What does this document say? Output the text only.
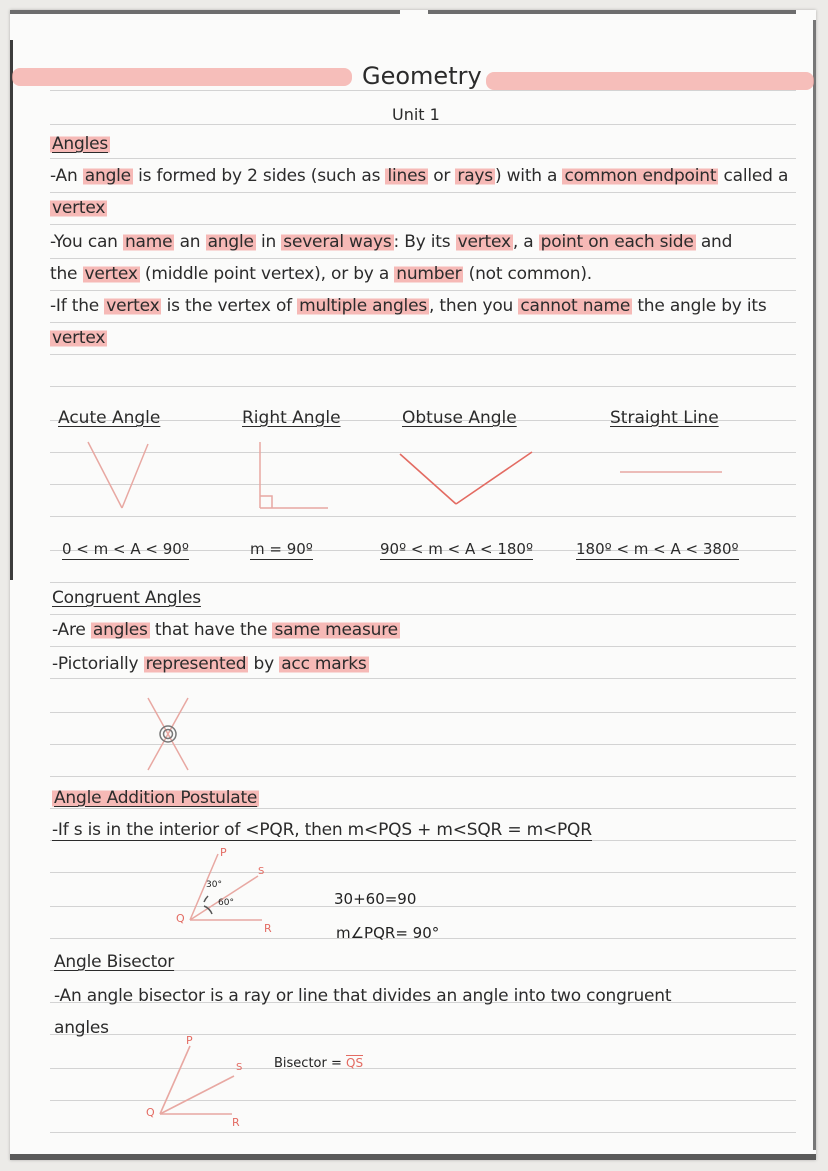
Geometry
Unit 1
Angles
-An angle is formed by 2 sides (such as lines or rays ) with a common endpoint called a
vertex
-You can name an angle in several ways : By its vertex , a point on each side and
the vertex (middle point vertex), or by a number (not common).
-If the vertex is the vertex of multiple angles , then you cannot name the angle by its
vertex
Acute Angle	Right Angle	Obtuse Angle	Straight Line
0 < m < A < 90º	m = 90º	90º < m < A < 180º	180º < m < A < 380º
Congruent Angles
-Are angles that have the same measure
-Pictorially represented by acc marks
Angle Addition Postulate
-If s is in the interior of <PQR, then m<PQS + m<SQR = m<PQR
P
S
Q
R
30°
60°	30+60=90
m∠PQR= 90°
Angle Bisector
-An angle bisector is a ray or line that divides an angle into two congruent
angles
P
S
Q
R
Bisector = QS
